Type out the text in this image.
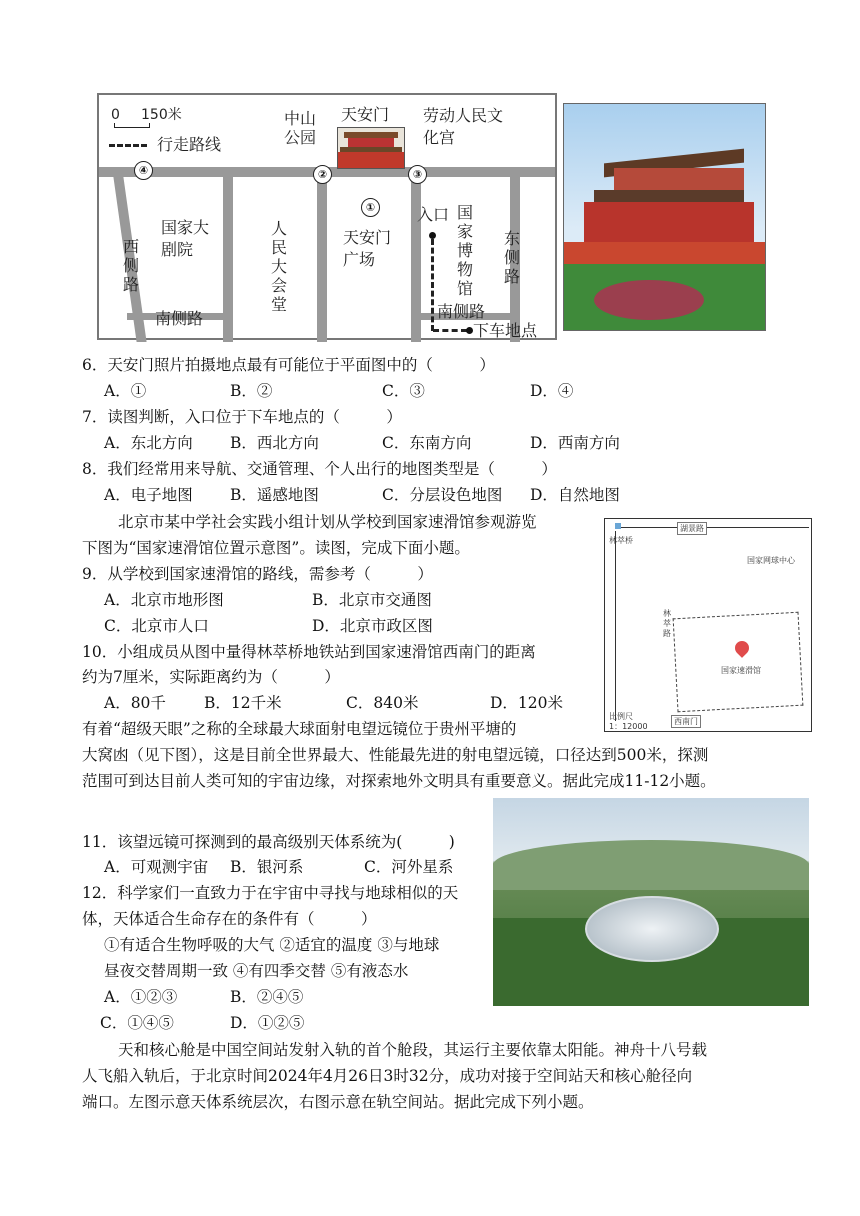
0 150米
行走路线
中山公园
天安门 劳动人民文化宫
②	③
④
①
国家大剧院
人民大会堂
天安门广场
入口 国家博物馆
西侧路
东侧路
南侧路	南侧路
下车地点
6．天安门照片拍摄地点最有可能位于平面图中的（　　　）
A．①	B．②	C．③	D．④
7．读图判断，入口位于下车地点的（　　　）
A．东北方向 B．西北方向	C．东南方向	D．西南方向
8．我们经常用来导航、交通管理、个人出行的地图类型是（　　　）
A．电子地图 B．遥感地图	C．分层设色地图 D．自然地图
北京市某中学社会实践小组计划从学校到国家速滑馆参观游览
下图为“国家速滑馆位置示意图”。读图，完成下面小题。
9．从学校到国家速滑馆的路线，需参考（　　　）
A．北京市地形图	B．北京市交通图
C．北京市人口	D．北京市政区图
10．小组成员从图中量得林萃桥地铁站到国家速滑馆西南门的距离
约为7厘米，实际距离约为（　　　）
A．80千 B．12千米	C．840米	D．120米
湖景路
林萃桥
国家网球中心
林萃路
国家速滑馆
比例尺
1：12000
西南门
有着“超级天眼”之称的全球最大球面射电望远镜位于贵州平塘的
大窝凼（见下图），这是目前全世界最大、性能最先进的射电望远镜，口径达到500米，探测
范围可到达目前人类可知的宇宙边缘，对探索地外文明具有重要意义。据此完成11-12小题。
11．该望远镜可探测到的最高级别天体系统为(　　　)
A．可观测宇宙 B．银河系	C．河外星系
12．科学家们一直致力于在宇宙中寻找与地球相似的天
体，天体适合生命存在的条件有（　　　）
①有适合生物呼吸的大气 ②适宜的温度 ③与地球
昼夜交替周期一致 ④有四季交替 ⑤有液态水
A．①②③	B．②④⑤
C．①④⑤	D．①②⑤
天和核心舱是中国空间站发射入轨的首个舱段，其运行主要依靠太阳能。神舟十八号载
人飞船入轨后，于北京时间2024年4月26日3时32分，成功对接于空间站天和核心舱径向
端口。左图示意天体系统层次，右图示意在轨空间站。据此完成下列小题。
